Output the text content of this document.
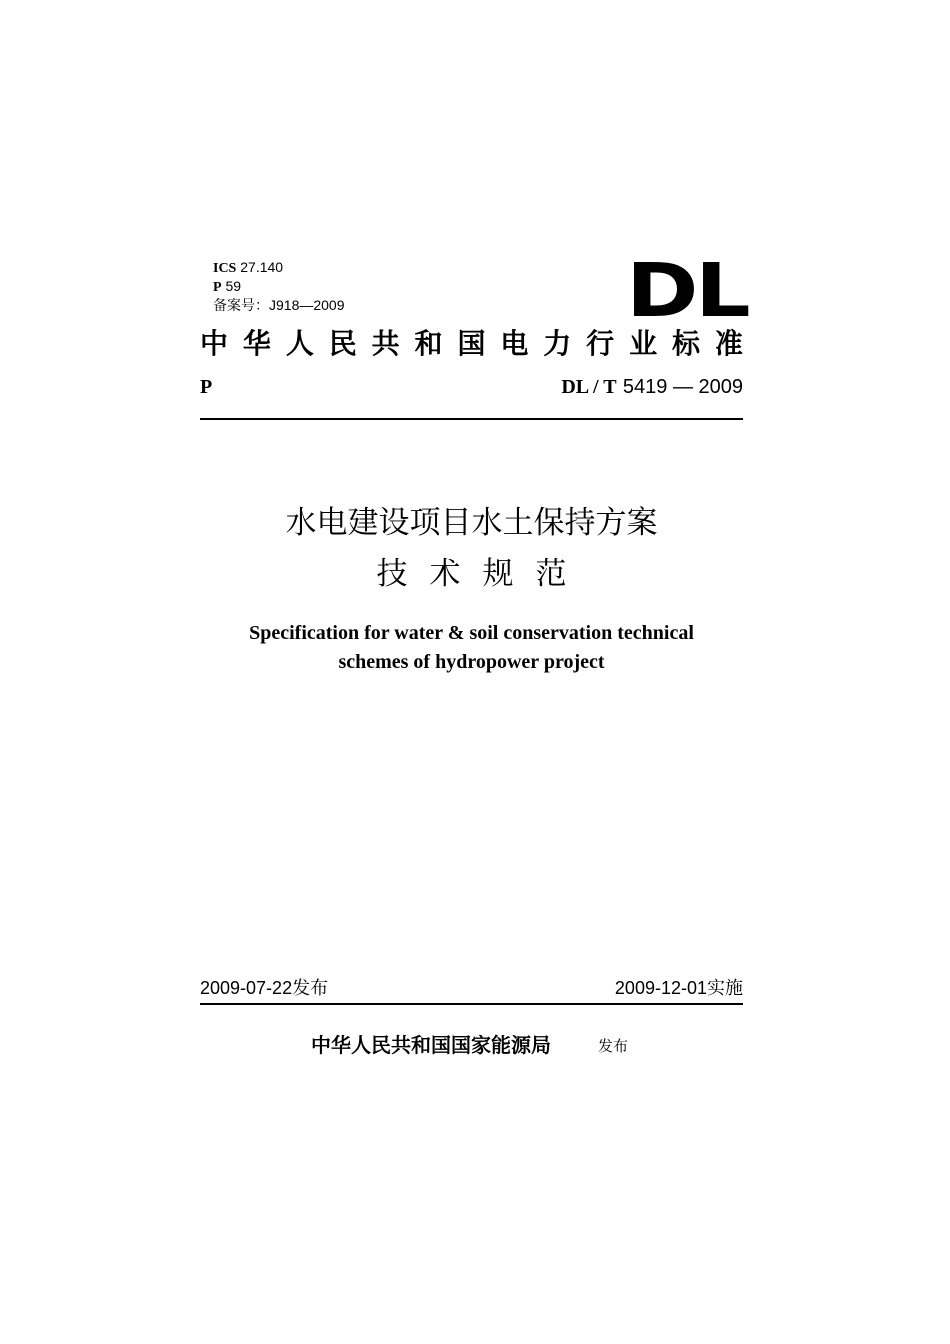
ICS 27.140
P 59
备案号：J918—2009	DL
中 华 人 民 共 和 国 电 力 行 业 标 准
P	DL / T 5419 — 2009
水电建设项目水土保持方案
技术规范
Specification for water & soil conservation technical
schemes of hydropower project
2009-07-22发布	2009-12-01实施
中华人民共和国国家能源局	发布
